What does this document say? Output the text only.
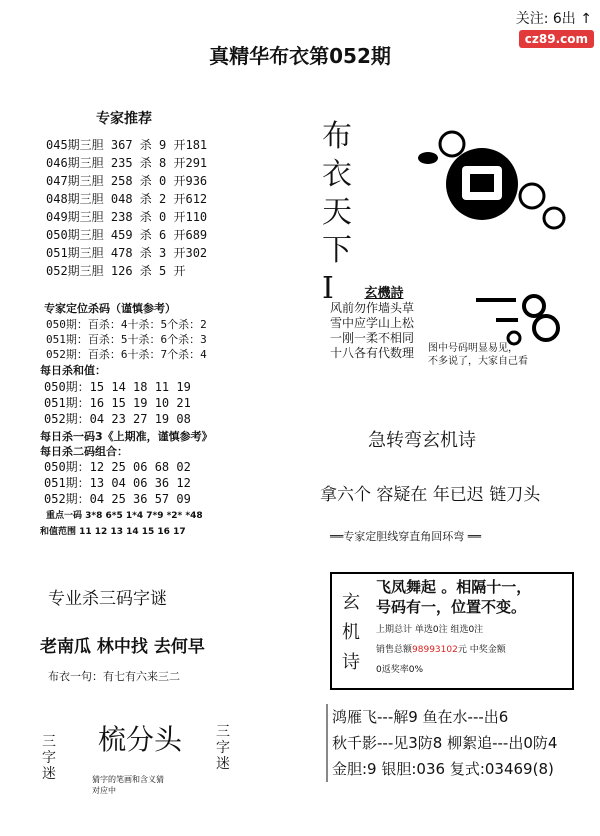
关注: 6出 ↑
cz89.com
真精华布衣第052期
专家推荐
045期三胆 367 杀 9 开181
046期三胆 235 杀 8 开291
047期三胆 258 杀 0 开936
048期三胆 048 杀 2 开612
049期三胆 238 杀 0 开110
050期三胆 459 杀 6 开689
051期三胆 478 杀 3 开302
052期三胆 126 杀 5 开
专家定位杀码（谨慎参考）
050期：百杀：4十杀：5个杀：2
051期：百杀：5十杀：6个杀：3
052期：百杀：6十杀：7个杀：4
每日杀和值：
050期：15 14 18 11 19
051期：16 15 19 10 21
052期：04 23 27 19 08
每日杀一码3《上期准，谨慎参考》
每日杀二码组合：
050期：12 25 06 68 02
051期：13 04 06 36 12
052期：04 25 36 57 09
重点一码 3*8 6*5 1*4 7*9 *2* *48
和值范围 11 12 13 14 15 16 17
布
衣
天
下
I	玄機詩
风前勿作墙头草
雪中应学山上松
一刚一柔不相同
十八各有代数理	图中号码明显易见，
不多说了，大家自己看
急转弯玄机诗
拿六个 容疑在 年已迟 链刀头
══专家定胆线穿直角回环弯 ══
玄
机
诗
飞凤舞起 。相隔十一，
号码有一，位置不变。
上期总计 单选0注 组选0注
销售总额98993102元 中奖金额
0返奖率0%
鸿雁飞---解9 鱼在水---出6
秋千影---见3防8 柳絮追---出0防4
金胆:9 银胆:036 复式:03469(8)
专业杀三码字谜
老南瓜 林中找 去何早
布衣一句：有七有六来三二
三
字
迷
梳分头
猜字的笔画和含义猜
对应中
三
字
迷
